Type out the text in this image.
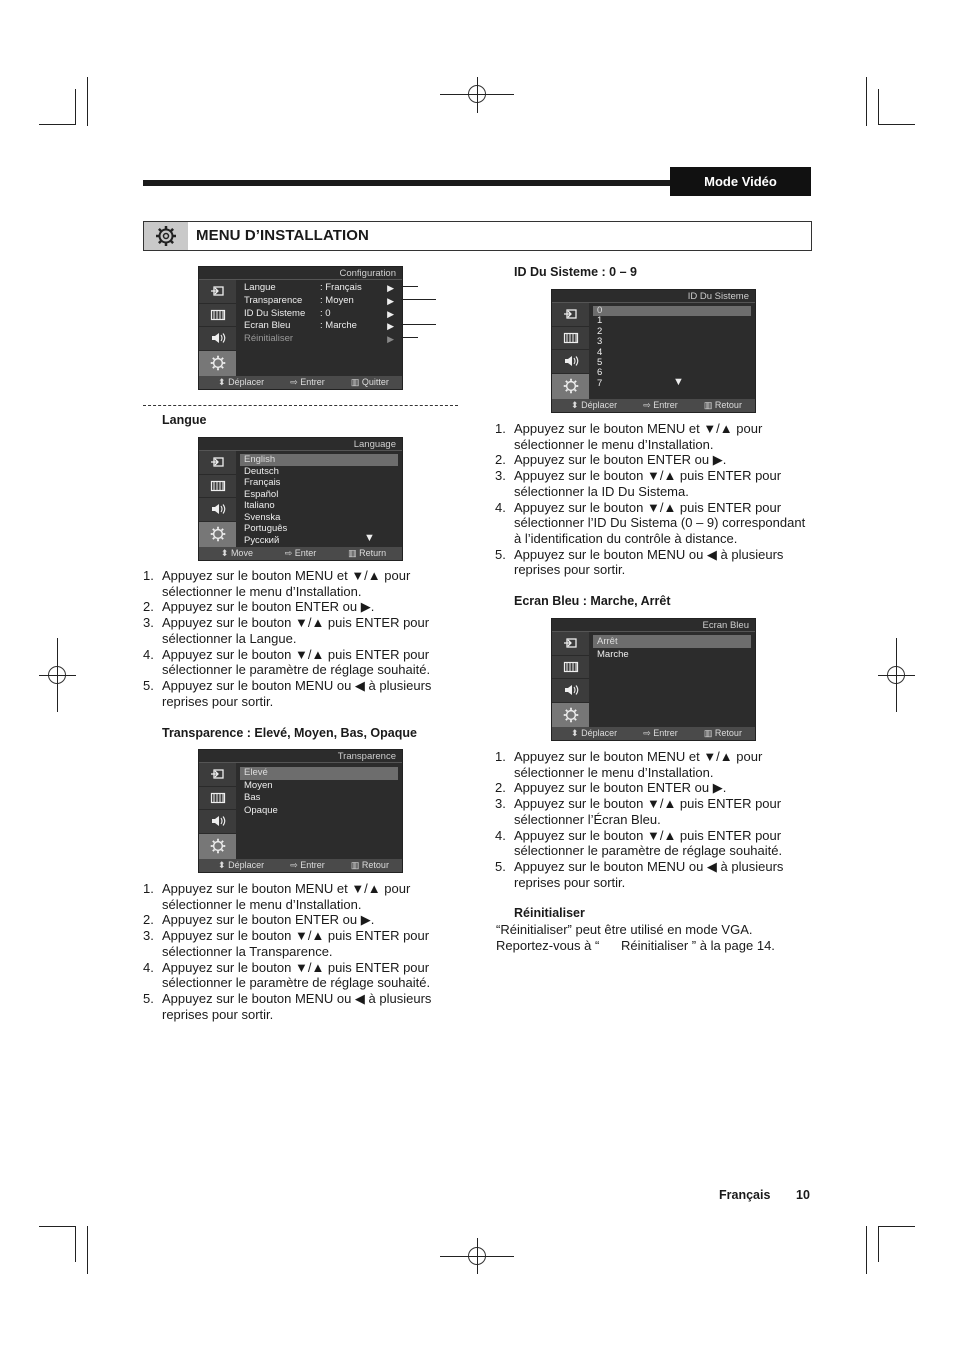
Mode Vidéo
MENU D’INSTALLATION
Configuration
Langue	: Français	▶
Transparence : Moyen	▶
ID Du Sisteme : 0	▶
Ecran Bleu	: Marche	▶
Réinitialiser	▶
⬍ Déplacer	⇨ Entrer	▥ Quitter
Langue
Language
English
Deutsch
Français
Español
Italiano
Svenska
Português
Русский	▼
⬍ Move	⇨ Enter	▥ Return
1. Appuyez sur le bouton MENU et ▼/▲ pour sélectionner le menu d’Installation.
2. Appuyez sur le bouton ENTER ou ▶.
3. Appuyez sur le bouton ▼/▲ puis ENTER pour sélectionner la Langue.
4. Appuyez sur le bouton ▼/▲ puis ENTER pour sélectionner le paramètre de réglage souhaité.
5. Appuyez sur le bouton MENU ou ◀ à plusieurs reprises pour sortir.
Transparence : Elevé, Moyen, Bas, Opaque
Transparence
Elevé
Moyen
Bas
Opaque
⬍ Déplacer	⇨ Entrer	▥ Retour
1. Appuyez sur le bouton MENU et ▼/▲ pour sélectionner le menu d’Installation.
2. Appuyez sur le bouton ENTER ou ▶.
3. Appuyez sur le bouton ▼/▲ puis ENTER pour sélectionner la Transparence.
4. Appuyez sur le bouton ▼/▲ puis ENTER pour sélectionner le paramètre de réglage souhaité.
5. Appuyez sur le bouton MENU ou ◀ à plusieurs reprises pour sortir.
ID Du Sisteme : 0 – 9
ID Du Sisteme
0
1
2
3
4
5
6
7	▼
⬍ Déplacer	⇨ Entrer	▥ Retour
1. Appuyez sur le bouton MENU et ▼/▲ pour sélectionner le menu d’Installation.
2. Appuyez sur le bouton ENTER ou ▶.
3. Appuyez sur le bouton ▼/▲ puis ENTER pour sélectionner la ID Du Sistema.
4. Appuyez sur le bouton ▼/▲ puis ENTER pour sélectionner l’ID Du Sistema (0 – 9) correspondant à l’identification du contrôle à distance.
5. Appuyez sur le bouton MENU ou ◀ à plusieurs reprises pour sortir.
Ecran Bleu : Marche, Arrêt
Ecran Bleu
Arrêt
Marche
⬍ Déplacer	⇨ Entrer	▥ Retour
1. Appuyez sur le bouton MENU et ▼/▲ pour sélectionner le menu d’Installation.
2. Appuyez sur le bouton ENTER ou ▶.
3. Appuyez sur le bouton ▼/▲ puis ENTER pour sélectionner l’Écran Bleu.
4. Appuyez sur le bouton ▼/▲ puis ENTER pour sélectionner le paramètre de réglage souhaité.
5. Appuyez sur le bouton MENU ou ◀ à plusieurs reprises pour sortir.
Réinitialiser
“Réinitialiser” peut être utilisé en mode VGA.
Reportez-vous à “      Réinitialiser ” à la page 14.
Français 10
